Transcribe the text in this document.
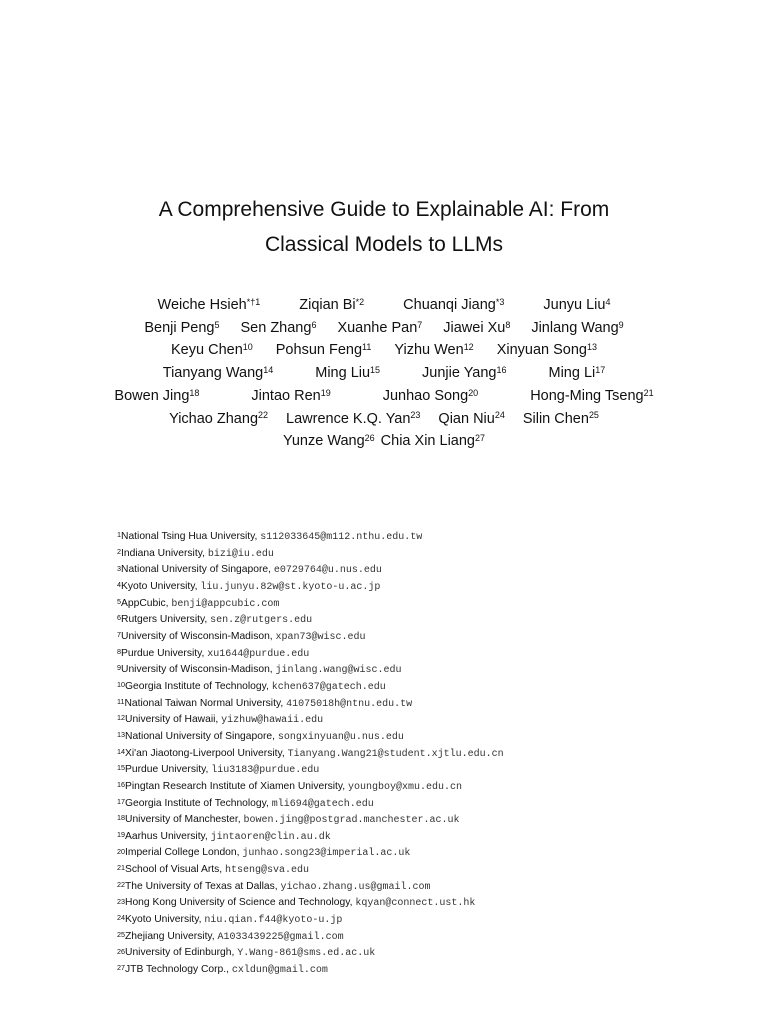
A Comprehensive Guide to Explainable AI: From
Classical Models to LLMs
Weiche Hsieh$^{*\dagger 1}$	Ziqian Bi$^{*2}$	Chuanqi Jiang$^{*3}$	Junyu Liu$^4$
Benji Peng$^5$ Sen Zhang$^6$ Xuanhe Pan$^7$ Jiawei Xu$^8$ Jinlang Wang$^9$
Keyu Chen$^{10}$ Pohsun Feng$^{11}$ Yizhu Wen$^{12}$ Xinyuan Song$^{13}$
Tianyang Wang$^{14}$	Ming Liu$^{15}$	Junjie Yang$^{16}$	Ming Li$^{17}$
Bowen Jing$^{18}$	Jintao Ren$^{19}$	Junhao Song$^{20}$	Hong-Ming Tseng$^{21}$
Yichao Zhang$^{22}$ Lawrence K.Q. Yan$^{23}$ Qian Niu$^{24}$ Silin Chen$^{25}$
Yunze Wang$^{26}$ Chia Xin Liang$^{27}$
$^1$National Tsing Hua University, s112033645@m112.nthu.edu.tw
$^2$Indiana University, bizi@iu.edu
$^3$National University of Singapore, e0729764@u.nus.edu
$^4$Kyoto University, liu.junyu.82w@st.kyoto-u.ac.jp
$^5$AppCubic, benji@appcubic.com
$^6$Rutgers University, sen.z@rutgers.edu
$^7$University of Wisconsin-Madison, xpan73@wisc.edu
$^8$Purdue University, xu1644@purdue.edu
$^9$University of Wisconsin-Madison, jinlang.wang@wisc.edu
$^{10}$Georgia Institute of Technology, kchen637@gatech.edu
$^{11}$National Taiwan Normal University, 41075018h@ntnu.edu.tw
$^{12}$University of Hawaii, yizhuw@hawaii.edu
$^{13}$National University of Singapore, songxinyuan@u.nus.edu
$^{14}$Xi'an Jiaotong-Liverpool University, Tianyang.Wang21@student.xjtlu.edu.cn
$^{15}$Purdue University, liu3183@purdue.edu
$^{16}$Pingtan Research Institute of Xiamen University, youngboy@xmu.edu.cn
$^{17}$Georgia Institute of Technology, mli694@gatech.edu
$^{18}$University of Manchester, bowen.jing@postgrad.manchester.ac.uk
$^{19}$Aarhus University, jintaoren@clin.au.dk
$^{20}$Imperial College London, junhao.song23@imperial.ac.uk
$^{21}$School of Visual Arts, htseng@sva.edu
$^{22}$The University of Texas at Dallas, yichao.zhang.us@gmail.com
$^{23}$Hong Kong University of Science and Technology, kqyan@connect.ust.hk
$^{24}$Kyoto University, niu.qian.f44@kyoto-u.jp
$^{25}$Zhejiang University, A1033439225@gmail.com
$^{26}$University of Edinburgh, Y.Wang-861@sms.ed.ac.uk
$^{27}$JTB Technology Corp., cxldun@gmail.com
